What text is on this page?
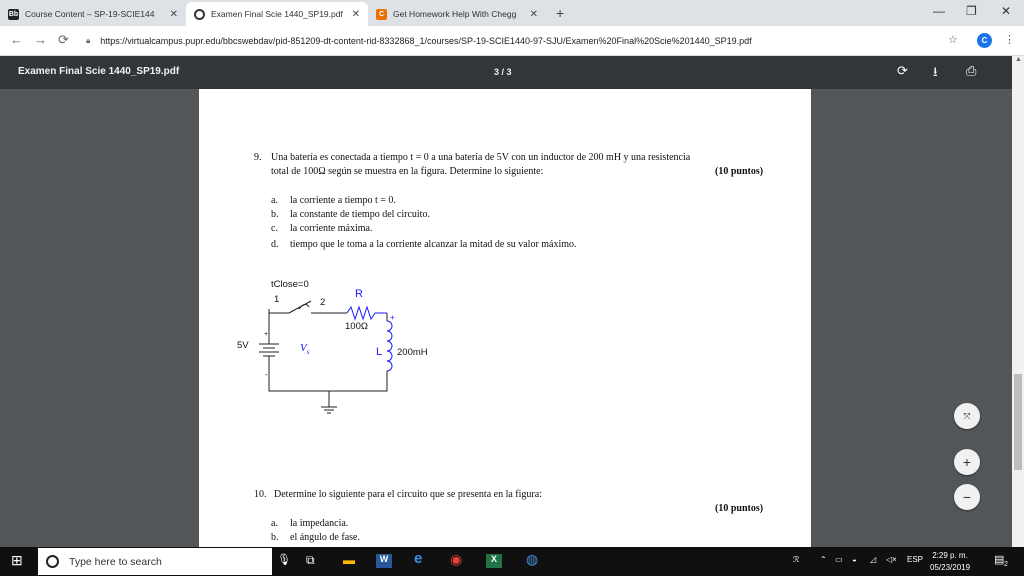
Bb Course Content – SP-19-SCIE144	✕	Examen Final Scie 1440_SP19.pdf ✕	C	Get Homework Help With Chegg	✕ +	— ❐ ✕
← → ⟳ 🔒︎ https://virtualcampus.pupr.edu/bbcswebdav/pid-851209-dt-content-rid-8332868_1/courses/SP-19-SCIE1440-97-SJU/Examen%20Final%20Scie%201440_SP19.pdf	☆	C	⋮
Examen Final Scie 1440_SP19.pdf	3 / 3	⟳ ⭳ ⎙
▲
9. Una batería es conectada a tiempo t = 0 a una batería de 5V con un inductor de 200 mH y una resistencia
total de 100Ω según se muestra en la figura. Determine lo siguiente:	(10 puntos)
a. la corriente a tiempo t = 0.
b. la constante de tiempo del circuito.
c. la corriente máxima.
d. tiempo que le toma a la corriente alcanzar la mitad de su valor máximo.
tClose=0
1	2
R
100Ω
+
L 200mH
5V
+
-
$V_s$
10. Determine lo siguiente para el circuito que se presenta en la figura:
(10 puntos)
a. la impedancia.
b. el ángulo de fase.
⤧
+
−
⊞	Type here to search	🎙︎ ⧉ ▬	W e ◉	X	◍	ℛ	⌃ ▭ ◒ ◿ ◁× ESP 2:29 p. m.
05/23/2019
▤ 2
